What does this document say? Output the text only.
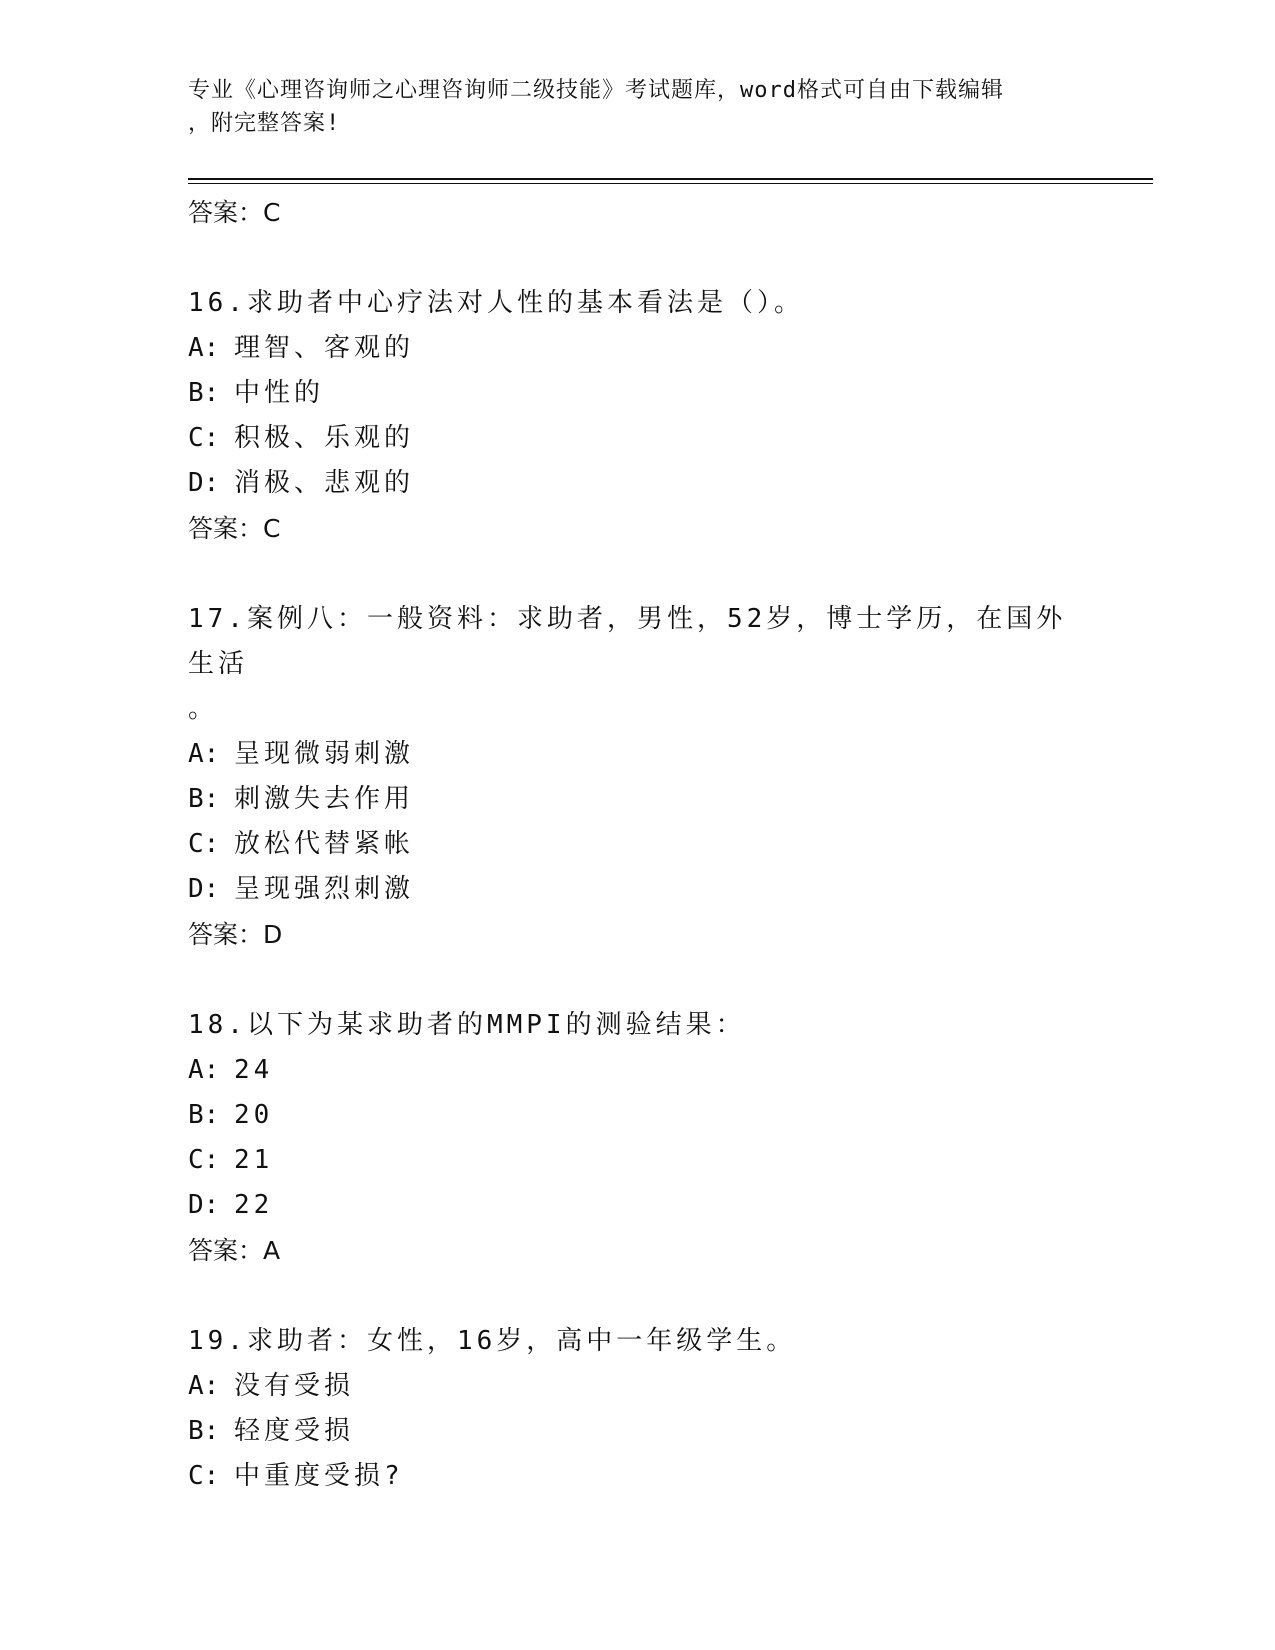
专业《心理咨询师之心理咨询师二级技能》考试题库，word格式可自由下载编辑
，附完整答案!
答案：C
16.求助者中心疗法对人性的基本看法是（）。
A: 理智、客观的
B: 中性的
C: 积极、乐观的
D: 消极、悲观的
答案：C
17.案例八：一般资料：求助者，男性，52岁，博士学历，在国外生活
。
A: 呈现微弱刺激
B: 刺激失去作用
C: 放松代替紧帐
D: 呈现强烈刺激
答案：D
18.以下为某求助者的MMPI的测验结果：
A: 24
B: 20
C: 21
D: 22
答案：A
19.求助者：女性，16岁，高中一年级学生。
A: 没有受损
B: 轻度受损
C: 中重度受损?
